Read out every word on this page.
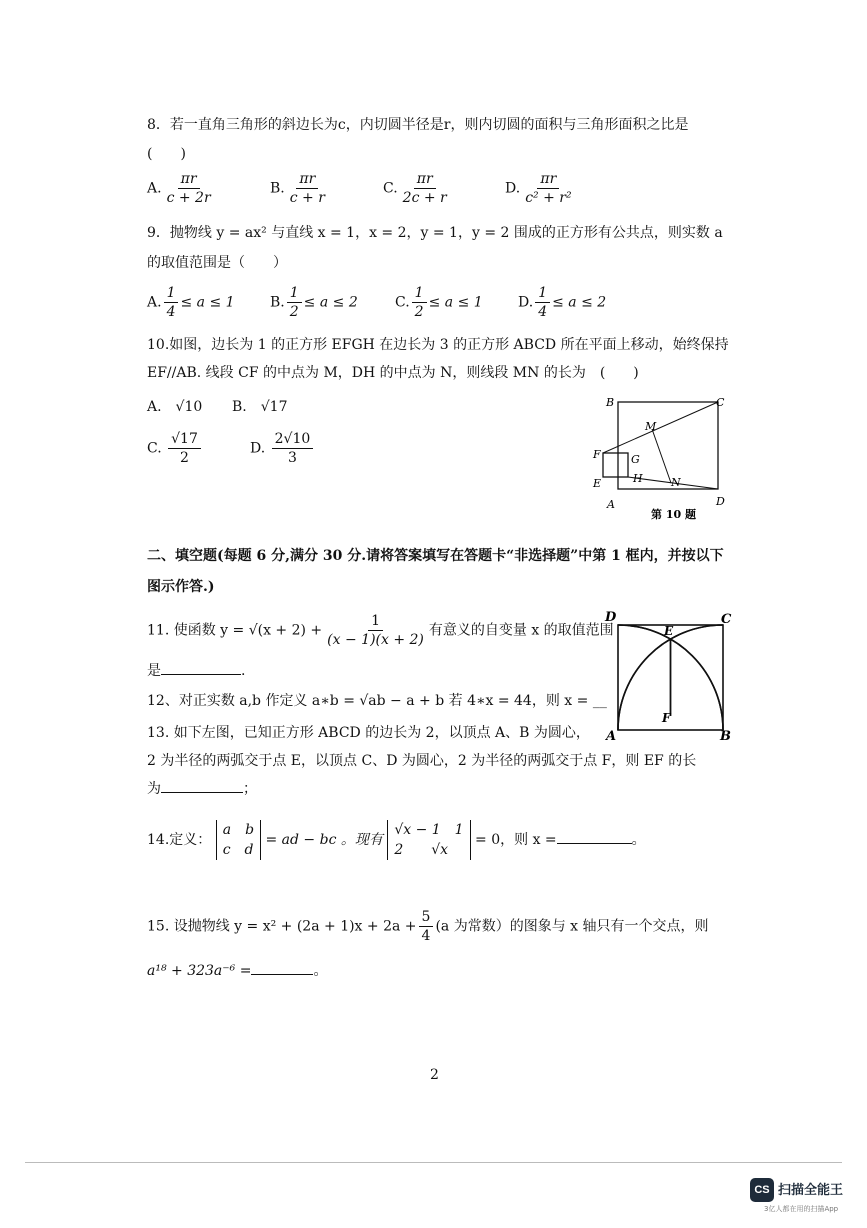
8．若一直角三角形的斜边长为c，内切圆半径是r，则内切圆的面积与三角形面积之比是
(　　)
A. $\frac{\pi r}{c + 2r}$	B. $\frac{\pi r}{c + r}$	C. $\frac{\pi r}{2c + r}$	D. $\frac{\pi r}{\text{c² + r²}}$
9．抛物线 y = ax² 与直线 x = 1，x = 2，y = 1，y = 2 围成的正方形有公共点，则实数 a
的取值范围是（　　）
A. $\frac{1}{4} \le a \le 1$	B. $\frac{1}{2} \le a \le 2$	C. $\frac{1}{2} \le a \le 1$	D. $\frac{1}{4} \le a \le 2$
10.如图，边长为 1 的正方形 EFGH 在边长为 3 的正方形 ABCD 所在平面上移动，始终保持
EF//AB. 线段 CF 的中点为 M，DH 的中点为 N，则线段 MN 的长为　(　　)
A.　√10 B.　√17
C. $\frac{√17}{2}$	D. $\frac{2√10}{3}$
B	C
M
F	G
E	H	N
A	D
第 10 题
二、填空题(每题 6 分,满分 30 分.请将答案填写在答题卡“非选择题”中第 1 框内，并按以下
图示作答.)
11. 使函数 $y = √(x + 2) + \frac{1}{(x - 1)(x + 2)}$ 有意义的自变量 x 的取值范围
是	.
12、对正实数 a,b 作定义 a∗b = √ab − a + b 若 4∗x = 44，则 x = __
13. 如下左图，已知正方形 ABCD 的边长为 2，以顶点 A、B 为圆心，
2 为半径的两弧交于点 E，以顶点 C、D 为圆心，2 为半径的两弧交于点 F，则 EF 的长
为	；
D	C
E
F
A	B
14.定义：
a　b
c　d
= ad − bc 。现有
√x − 1　1
2　　√x
= 0，则 x =	。
15. 设抛物线 $y = x^2 + (2a + 1)x + 2a + \frac{5}{4} (a$ 为常数）的图象与 x 轴只有一个交点，则
a¹⁸ + 323a⁻⁶ =	。
2
CS 扫描全能王
3亿人都在用的扫描App
